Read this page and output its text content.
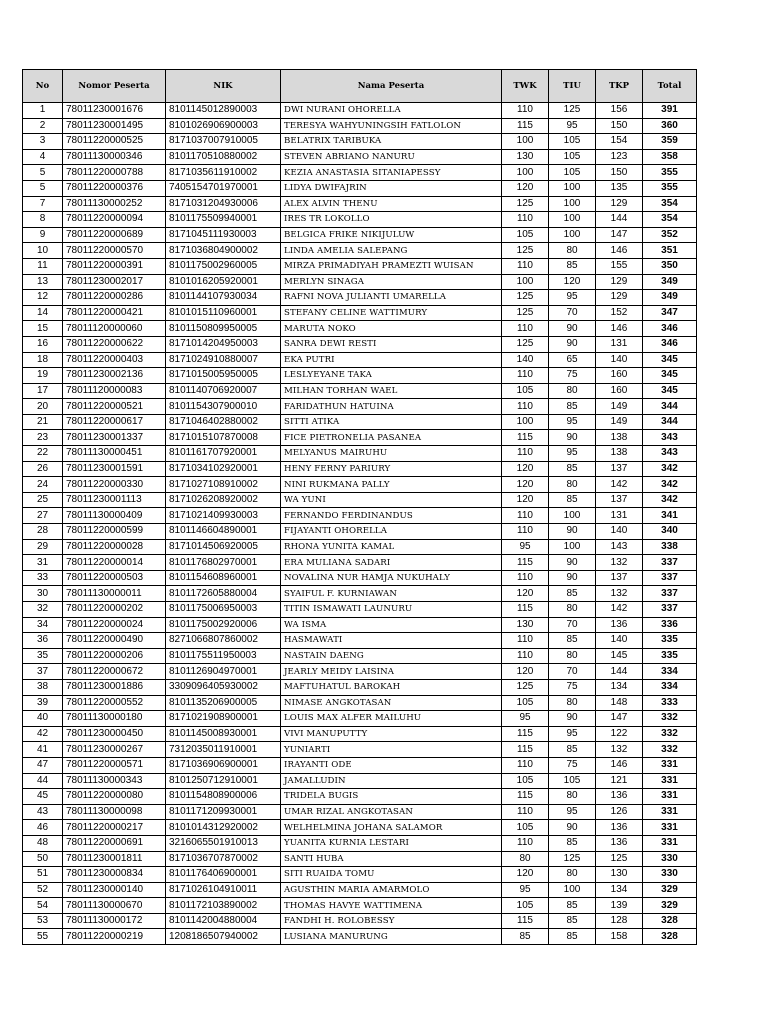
No	Nomor Peserta	NIK	Nama Peserta	TWK	TIU	TKP	Total
1	78011230001676	8101145012890003	DWI NURANI OHORELLA	110	125	156	391
2	78011230001495	8101026906900003	TERESYA WAHYUNINGSIH FATLOLON	115	95	150	360
3	78011220000525	8171037007910005	BELATRIX TARIBUKA	100	105	154	359
4	78011130000346	8101170510880002	STEVEN ABRIANO NANURU	130	105	123	358
5	78011220000788	8171035611910002	KEZIA ANASTASIA SITANIAPESSY	100	105	150	355
5	78011220000376	7405154701970001	LIDYA DWIFAJRIN	120	100	135	355
7	78011130000252	8171031204930006	ALEX ALVIN THENU	125	100	129	354
8	78011220000094	8101175509940001	IRES TR LOKOLLO	110	100	144	354
9	78011220000689	8171045111930003	BELGICA FRIKE NIKIJULUW	105	100	147	352
10	78011220000570	8171036804900002	LINDA AMELIA SALEPANG	125	80	146	351
11	78011220000391	8101175002960005	MIRZA PRIMADIYAH PRAMEZTI WUISAN	110	85	155	350
13	78011230002017	8101016205920001	MERLYN SINAGA	100	120	129	349
12	78011220000286	8101144107930034	RAFNI NOVA JULIANTI UMARELLA	125	95	129	349
14	78011220000421	8101015110960001	STEFANY CELINE WATTIMURY	125	70	152	347
15	78011120000060	8101150809950005	MARUTA NOKO	110	90	146	346
16	78011220000622	8171014204950003	SANRA DEWI RESTI	125	90	131	346
18	78011220000403	8171024910880007	EKA PUTRI	140	65	140	345
19	78011230002136	8171015005950005	LESLYEYANE TAKA	110	75	160	345
17	78011120000083	8101140706920007	MILHAN TORHAN WAEL	105	80	160	345
20	78011220000521	8101154307900010	FARIDATHUN HATUINA	110	85	149	344
21	78011220000617	8171046402880002	SITTI ATIKA	100	95	149	344
23	78011230001337	8171015107870008	FICE PIETRONELIA PASANEA	115	90	138	343
22	78011130000451	8101161707920001	MELYANUS MAIRUHU	110	95	138	343
26	78011230001591	8171034102920001	HENY FERNY PARIURY	120	85	137	342
24	78011220000330	8171027108910002	NINI RUKMANA PALLY	120	80	142	342
25	78011230001113	8171026208920002	WA YUNI	120	85	137	342
27	78011130000409	8171021409930003	FERNANDO FERDINANDUS	110	100	131	341
28	78011220000599	8101146604890001	FIJAYANTI OHORELLA	110	90	140	340
29	78011220000028	8171014506920005	RHONA YUNITA KAMAL	95	100	143	338
31	78011220000014	8101176802970001	ERA MULIANA SADARI	115	90	132	337
33	78011220000503	8101154608960001	NOVALINA NUR HAMJA NUKUHALY	110	90	137	337
30	78011130000011	8101172605880004	SYAIFUL F. KURNIAWAN	120	85	132	337
32	78011220000202	8101175006950003	TITIN ISMAWATI LAUNURU	115	80	142	337
34	78011220000024	8101175002920006	WA ISMA	130	70	136	336
36	78011220000490	8271066807860002	HASMAWATI	110	85	140	335
35	78011220000206	8101175511950003	NASTAIN DAENG	110	80	145	335
37	78011220000672	8101126904970001	JEARLY MEIDY LAISINA	120	70	144	334
38	78011230001886	3309096405930002	MAFTUHATUL BAROKAH	125	75	134	334
39	78011220000552	8101135206900005	NIMASE ANGKOTASAN	105	80	148	333
40	78011130000180	8171021908900001	LOUIS MAX ALFER MAILUHU	95	90	147	332
42	78011230000450	8101145008930001	VIVI MANUPUTTY	115	95	122	332
41	78011230000267	7312035011910001	YUNIARTI	115	85	132	332
47	78011220000571	8171036906900001	IRAYANTI ODE	110	75	146	331
44	78011130000343	8101250712910001	JAMALLUDIN	105	105	121	331
45	78011220000080	8101154808900006	TRIDELA BUGIS	115	80	136	331
43	78011130000098	8101171209930001	UMAR RIZAL ANGKOTASAN	110	95	126	331
46	78011220000217	8101014312920002	WELHELMINA JOHANA SALAMOR	105	90	136	331
48	78011220000691	3216065501910013	YUANITA KURNIA LESTARI	110	85	136	331
50	78011230001811	8171036707870002	SANTI HUBA	80	125	125	330
51	78011230000834	8101176406900001	SITI RUAIDA TOMU	120	80	130	330
52	78011230000140	8171026104910011	AGUSTHIN MARIA AMARMOLO	95	100	134	329
54	78011130000670	8101172103890002	THOMAS HAVYE WATTIMENA	105	85	139	329
53	78011130000172	8101142004880004	FANDHI H. ROLOBESSY	115	85	128	328
55	78011220000219	1208186507940002	LUSIANA MANURUNG	85	85	158	328
